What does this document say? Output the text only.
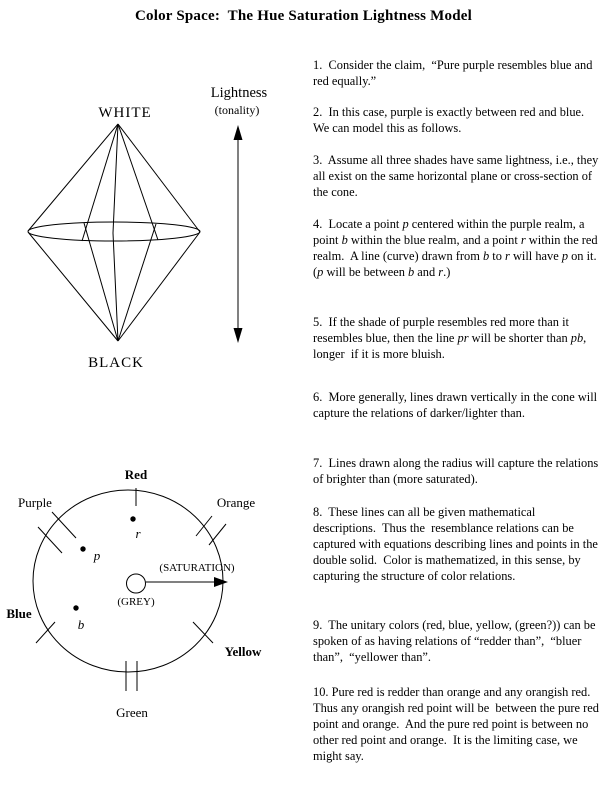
Color Space:  The Hue Saturation Lightness Model
WHITE
BLACK
Lightness
(tonality)
Red
Purple	Orange
Blue
Yellow
Green
(SATURATION)
(GREY)
r
p
b
1.  Consider the claim,  “Pure purple resembles blue and red equally.”
2.  In this case, purple is exactly between red and blue. We can model this as follows.
3.  Assume all three shades have same lightness, i.e., they all exist on the same horizontal plane or cross-section of the cone.
4.  Locate a point p centered within the purple realm, a point b within the blue realm, and a point r within the red realm.  A line (curve) drawn from b to r will have p on it.  (p will be between b and r.)
5.  If the shade of purple resembles red more than it  resembles blue, then the line pr will be shorter than pb, longer  if it is more bluish.
6.  More generally, lines drawn vertically in the cone will capture the relations of darker/lighter than.
7.  Lines drawn along the radius will capture the relations of brighter than (more saturated).
8.  These lines can all be given mathematical descriptions.  Thus the  resemblance relations can be captured with equations describing lines and points in the double solid.  Color is mathematized, in this sense, by capturing the structure of color relations.
9.  The unitary colors (red, blue, yellow, (green?)) can be spoken of as having relations of “redder than”,  “bluer than”,  “yellower than”.
10. Pure red is redder than orange and any orangish red. Thus any orangish red point will be  between the pure red point and orange.  And the pure red point is between no other red point and orange.  It is the limiting case, we might say.
